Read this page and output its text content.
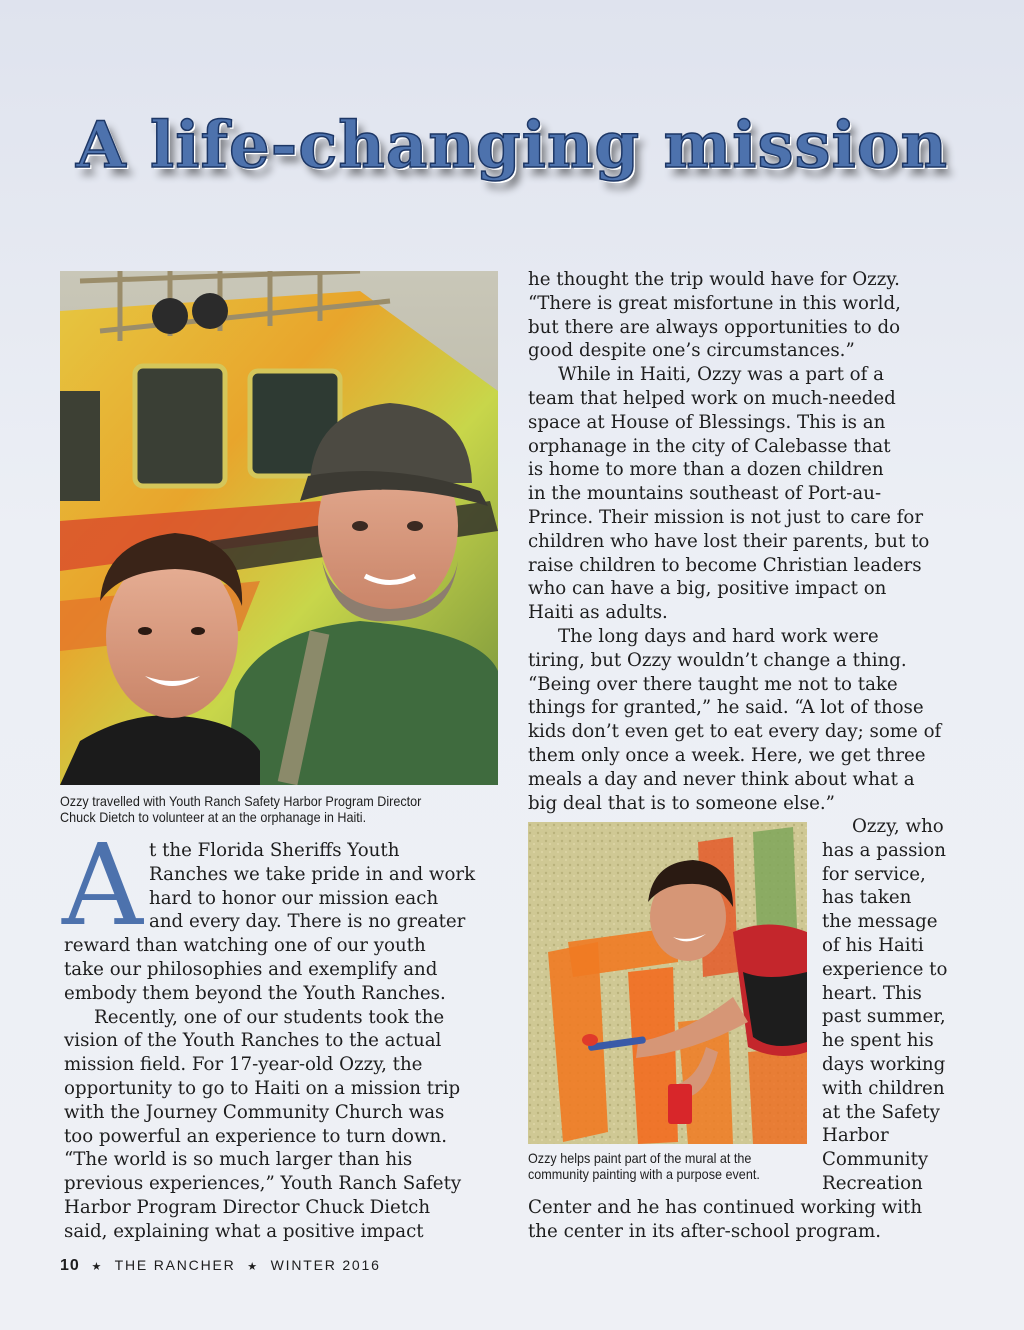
A life-changing mission
Ozzy travelled with Youth Ranch Safety Harbor Program Director
Chuck Dietch to volunteer at an the orphanage in Haiti.
A t the Florida Sheriffs Youth
Ranches we take pride in and work
hard to honor our mission each
and every day. There is no greater
reward than watching one of our youth
take our philosophies and exemplify and
embody them beyond the Youth Ranches.
Recently, one of our students took the
vision of the Youth Ranches to the actual
mission field. For 17-year-old Ozzy, the
opportunity to go to Haiti on a mission trip
with the Journey Community Church was
too powerful an experience to turn down.
“The world is so much larger than his
previous experiences,” Youth Ranch Safety
Harbor Program Director Chuck Dietch
said, explaining what a positive impact
he thought the trip would have for Ozzy.
“There is great misfortune in this world,
but there are always opportunities to do
good despite one’s circumstances.”
While in Haiti, Ozzy was a part of a
team that helped work on much-needed
space at House of Blessings. This is an
orphanage in the city of Calebasse that
is home to more than a dozen children
in the mountains southeast of Port-au-
Prince. Their mission is not just to care for
children who have lost their parents, but to
raise children to become Christian leaders
who can have a big, positive impact on
Haiti as adults.
The long days and hard work were
tiring, but Ozzy wouldn’t change a thing.
“Being over there taught me not to take
things for granted,” he said. “A lot of those
kids don’t even get to eat every day; some of
them only once a week. Here, we get three
meals a day and never think about what a
big deal that is to someone else.”
Ozzy helps paint part of the mural at the
community painting with a purpose event.
Ozzy, who
has a passion
for service,
has taken
the message
of his Haiti
experience to
heart. This
past summer,
he spent his
days working
with children
at the Safety
Harbor
Community
Recreation
Center and he has continued working with
the center in its after-school program.
10 ★ THE RANCHER ★ WINTER 2016
